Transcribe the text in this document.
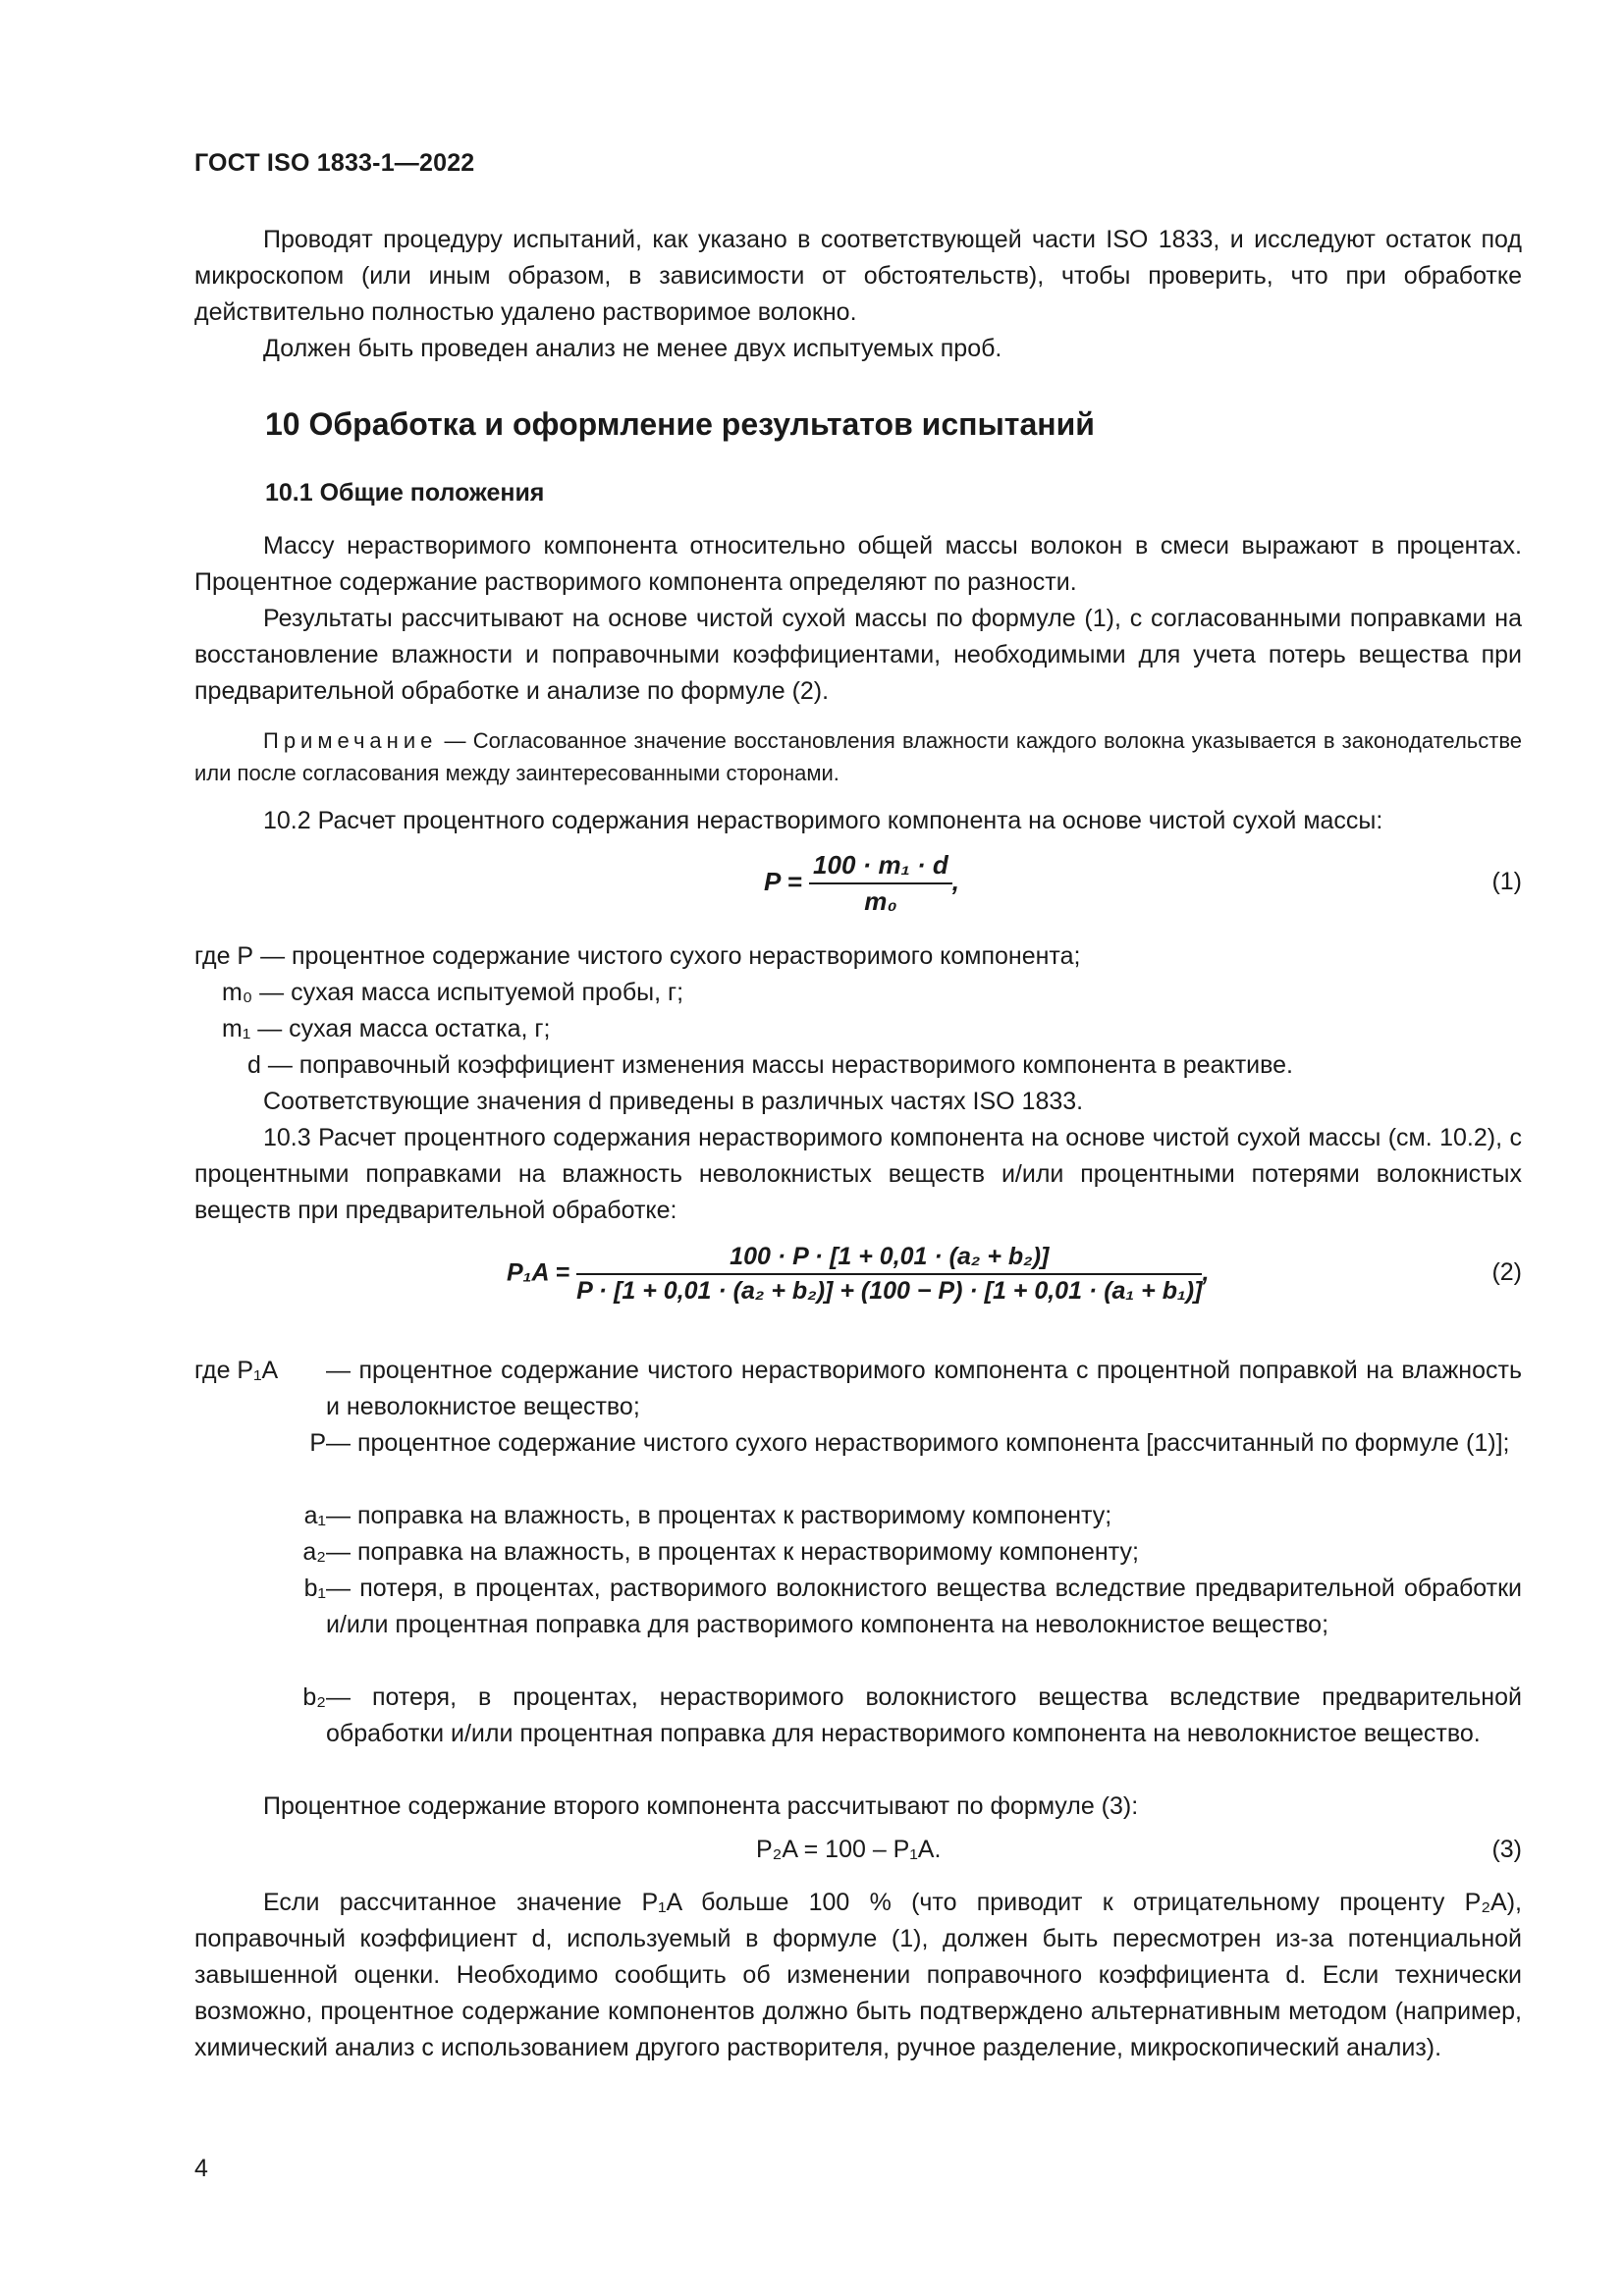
ГОСТ ISO 1833-1—2022

Проводят процедуру испытаний, как указано в соответствующей части ISO 1833, и исследуют остаток под микроскопом (или иным образом, в зависимости от обстоятельств), чтобы проверить, что при обработке действительно полностью удалено растворимое волокно.

Должен быть проведен анализ не менее двух испытуемых проб.

10 Обработка и оформление результатов испытаний
10.1 Общие положения

Массу нерастворимого компонента относительно общей массы волокон в смеси выражают в процентах. Процентное содержание растворимого компонента определяют по разности.

Результаты рассчитывают на основе чистой сухой массы по формуле (1), с согласованными поправками на восстановление влажности и поправочными коэффициентами, необходимыми для учета потерь вещества при предварительной обработке и анализе по формуле (2).

Примечание — Согласованное значение восстановления влажности каждого волокна указывается в законодательстве или после согласования между заинтересованными сторонами.

10.2 Расчет процентного содержания нерастворимого компонента на основе чистой сухой массы:

$P = \frac{\text{100 · m₁ · d}}{\text{m₀}}$ ,	(1)
где P
— процентное содержание чистого сухого нерастворимого компонента;
m₀
— сухая масса испытуемой пробы, г;
m₁
— сухая масса остатка, г;
d
— поправочный коэффициент изменения массы нерастворимого компонента в реактиве.

Соответствующие значения d приведены в различных частях ISO 1833.

10.3 Расчет процентного содержания нерастворимого компонента на основе чистой сухой массы (см. 10.2), с процентными поправками на влажность неволокнистых веществ и/или процентными потерями волокнистых веществ при предварительной обработке:

P₁A =
100 · P · [1 + 0,01 · (a₂ + b₂)]
P · [1 + 0,01 · (a₂ + b₂)] + (100 − P) · [1 + 0,01 · (a₁ + b₁)]
,	(2)
где P₁A	— процентное содержание чистого нерастворимого компонента с процентной поправкой на влажность и неволокнистое вещество;
P — процентное содержание чистого сухого нерастворимого компонента [рассчитанный по формуле (1)];
a₁ — поправка на влажность, в процентах к растворимому компоненту;
a₂ — поправка на влажность, в процентах к нерастворимому компоненту;
b₁ — потеря, в процентах, растворимого волокнистого вещества вследствие предварительной обработки и/или процентная поправка для растворимого компонента на неволокнистое вещество;
b₂ — потеря, в процентах, нерастворимого волокнистого вещества вследствие предварительной обработки и/или процентная поправка для нерастворимого компонента на неволокнистое вещество.

Процентное содержание второго компонента рассчитывают по формуле (3):

P₂A = 100 – P₁A.	(3)

Если рассчитанное значение P₁A больше 100 % (что приводит к отрицательному проценту P₂A), поправочный коэффициент d, используемый в формуле (1), должен быть пересмотрен из-за потенциальной завышенной оценки. Необходимо сообщить об изменении поправочного коэффициента d. Если технически возможно, процентное содержание компонентов должно быть подтверждено альтернативным методом (например, химический анализ с использованием другого растворителя, ручное разделение, микроскопический анализ).

4
